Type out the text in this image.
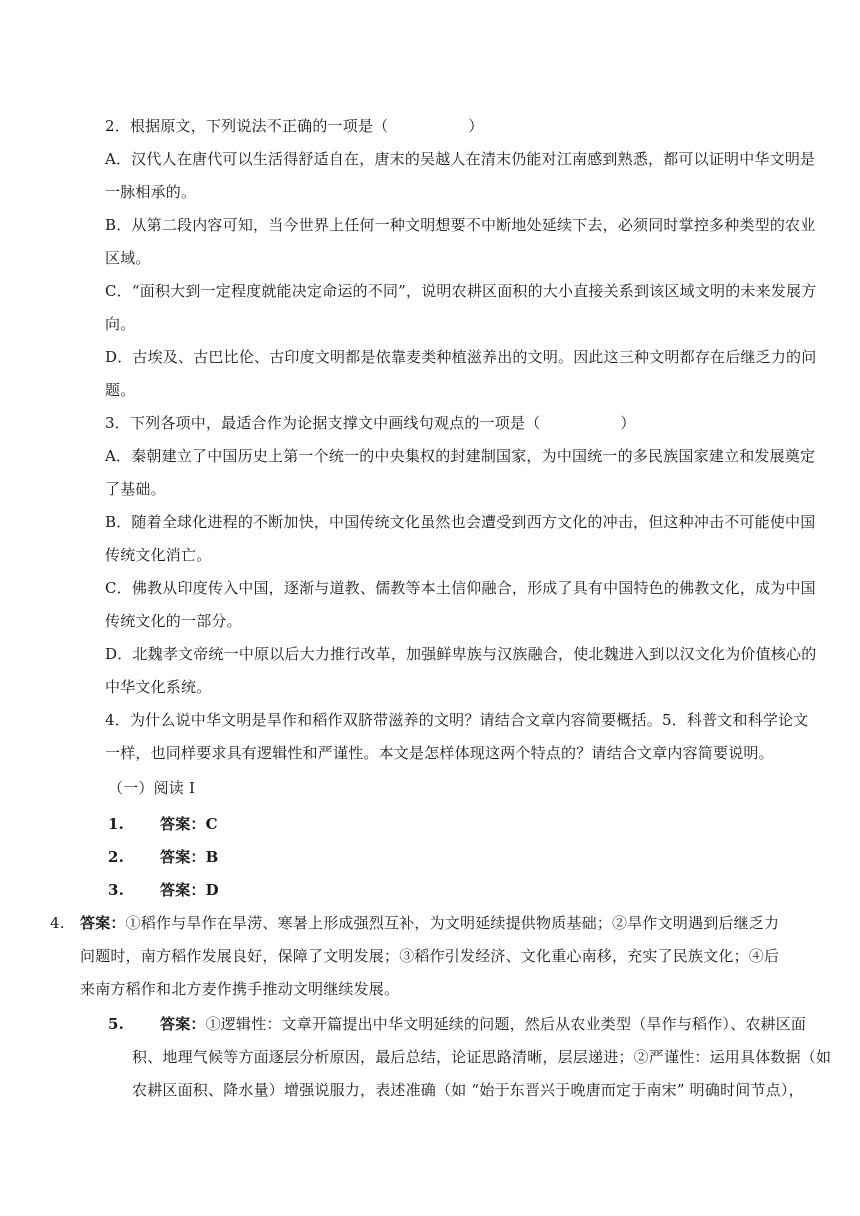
2．根据原文，下列说法不正确的一项是（	）
A．汉代人在唐代可以生活得舒适自在，唐末的吴越人在清末仍能对江南感到熟悉，都可以证明中华文明是
一脉相承的。
B．从第二段内容可知，当今世界上任何一种文明想要不中断地处延续下去，必须同时掌控多种类型的农业
区域。
C．“面积大到一定程度就能决定命运的不同”，说明农耕区面积的大小直接关系到该区域文明的未来发展方
向。
D．古埃及、古巴比伦、古印度文明都是依靠麦类种植滋养出的文明。因此这三种文明都存在后继乏力的问
题。
3．下列各项中，最适合作为论据支撑文中画线句观点的一项是（	）
A．秦朝建立了中国历史上第一个统一的中央集权的封建制国家，为中国统一的多民族国家建立和发展奠定
了基础。
B．随着全球化进程的不断加快，中国传统文化虽然也会遭受到西方文化的冲击，但这种冲击不可能使中国
传统文化消亡。
C．佛教从印度传入中国，逐渐与道教、儒教等本土信仰融合，形成了具有中国特色的佛教文化，成为中国
传统文化的一部分。
D．北魏孝文帝统一中原以后大力推行改革，加强鲜卑族与汉族融合，使北魏进入到以汉文化为价值核心的
中华文化系统。
4．为什么说中华文明是旱作和稻作双脐带滋养的文明？请结合文章内容简要概括。5．科普文和科学论文
一样，也同样要求具有逻辑性和严谨性。本文是怎样体现这两个特点的？请结合文章内容简要说明。
（一）阅读 I
1. 答案：C
2. 答案：B
3. 答案：D
4. 答案：①稻作与旱作在旱涝、寒暑上形成强烈互补，为文明延续提供物质基础；②旱作文明遇到后继乏力
问题时，南方稻作发展良好，保障了文明发展；③稻作引发经济、文化重心南移，充实了民族文化；④后
来南方稻作和北方麦作携手推动文明继续发展。
5. 答案：①逻辑性：文章开篇提出中华文明延续的问题，然后从农业类型（旱作与稻作）、农耕区面
积、地理气候等方面逐层分析原因，最后总结，论证思路清晰，层层递进；②严谨性：运用具体数据（如
农耕区面积、降水量）增强说服力，表述准确（如 “始于东晋兴于晚唐而定于南宋” 明确时间节点），
